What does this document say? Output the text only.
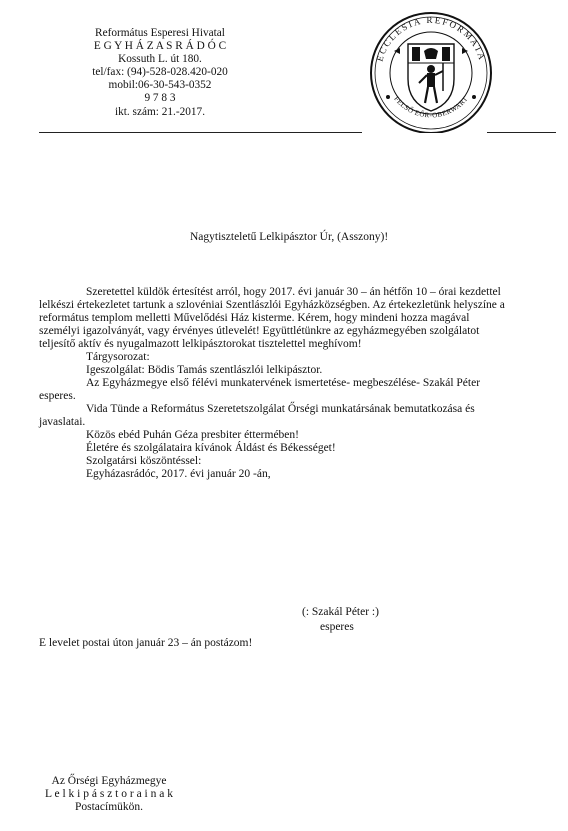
Református Esperesi Hivatal
E G Y H Á Z A S R Á D Ó C
Kossuth L. út 180.
tel/fax: (94)-528-028.420-020
mobil:06-30-543-0352
9 7 8 3
ikt. szám: 21.-2017.
ECCLESIA REFORMATA
FELSŐ EŐR-OBERWART
Nagytiszteletű Lelkipásztor Úr, (Asszony)!
Szeretettel küldök értesítést arról, hogy 2017. évi január 30 – án hétfőn 10 – órai kezdettel
lelkészi értekezletet tartunk a szlovéniai Szentlászlói Egyházközségben. Az értekezletünk helyszíne a
református templom melletti Művelődési Ház kisterme. Kérem, hogy mindeni hozza magával
személyi igazolványát, vagy érvényes útlevelét! Együttlétünkre az egyházmegyében szolgálatot
teljesítő aktív és nyugalmazott lelkipásztorokat tisztelettel meghívom!
Tárgysorozat:
Igeszolgálat: Bödis Tamás szentlászlói lelkipásztor.
Az Egyházmegye első félévi munkatervének ismertetése- megbeszélése- Szakál Péter
esperes.
Vida Tünde a Református Szeretetszolgálat Őrségi munkatársának bemutatkozása és
javaslatai.
Közös ebéd Puhán Géza presbiter éttermében!
Életére és szolgálataira kívánok Áldást és Békességet!
Szolgatársi köszöntéssel:
Egyházasrádóc, 2017. évi január 20 -án,
(: Szakál Péter :)
esperes
E levelet postai úton január 23 – án postázom!
Az Őrségi Egyházmegye
L e l k i p á s z t o r a i n a k
Postacímükön.
